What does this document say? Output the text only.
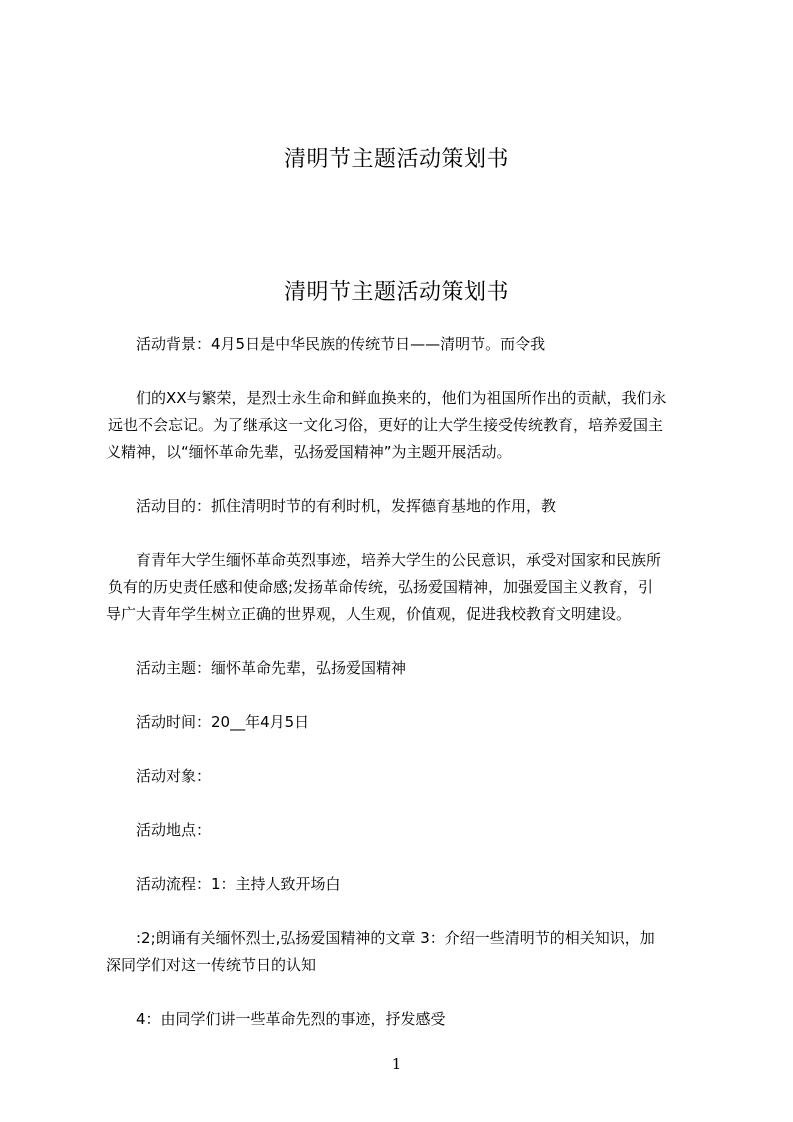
清明节主题活动策划书
清明节主题活动策划书
活动背景：4月5日是中华民族的传统节日——清明节。而令我
们的XX与繁荣，是烈士永生命和鲜血换来的，他们为祖国所作出的贡献，我们永
远也不会忘记。为了继承这一文化习俗，更好的让大学生接受传统教育，培养爱国主
义精神，以“缅怀革命先辈，弘扬爱国精神”为主题开展活动。
活动目的：抓住清明时节的有利时机，发挥德育基地的作用，教
育青年大学生缅怀革命英烈事迹，培养大学生的公民意识，承受对国家和民族所
负有的历史责任感和使命感;发扬革命传统，弘扬爱国精神，加强爱国主义教育，引
导广大青年学生树立正确的世界观，人生观，价值观，促进我校教育文明建设。
活动主题：缅怀革命先辈，弘扬爱国精神
活动时间：20__年4月5日
活动对象：
活动地点：
活动流程：1：主持人致开场白
:2;朗诵有关缅怀烈士,弘扬爱国精神的文章 3：介绍一些清明节的相关知识，加
深同学们对这一传统节日的认知
4：由同学们讲一些革命先烈的事迹，抒发感受
1
